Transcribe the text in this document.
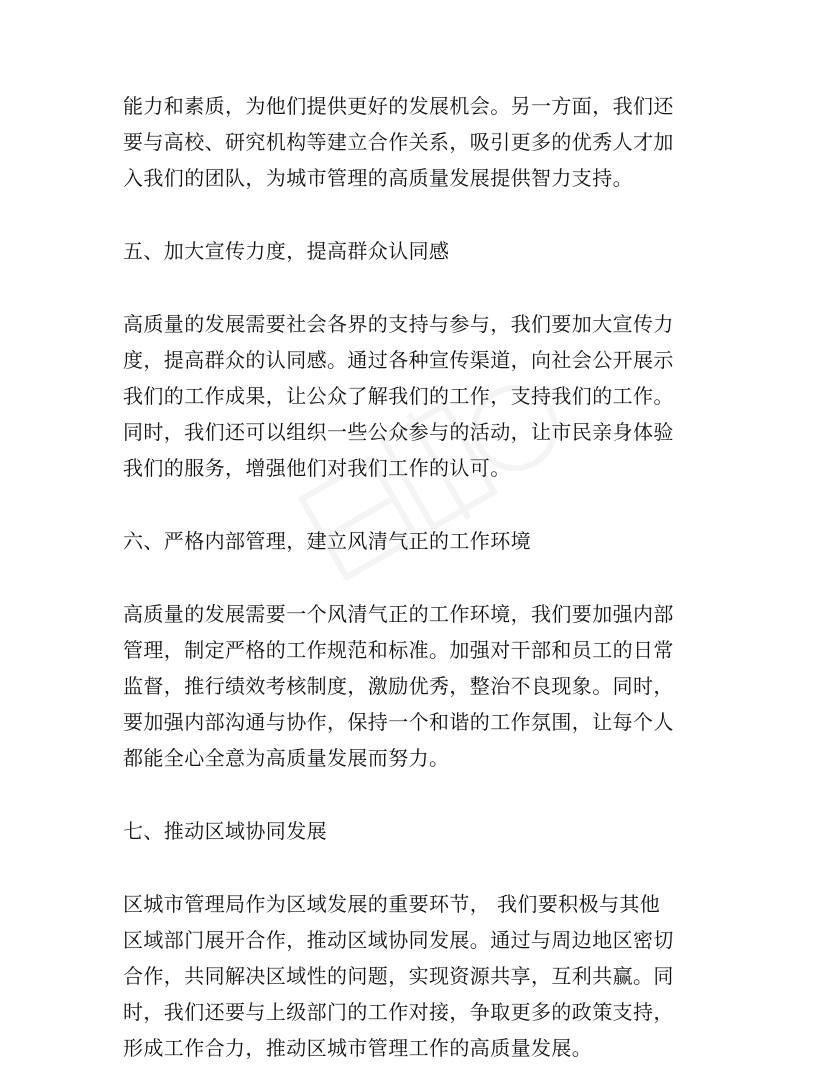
能力和素质，为他们提供更好的发展机会。另一方面，我们还
要与高校、研究机构等建立合作关系，吸引更多的优秀人才加
入我们的团队，为城市管理的高质量发展提供智力支持。

五、加大宣传力度，提高群众认同感

高质量的发展需要社会各界的支持与参与，我们要加大宣传力
度，提高群众的认同感。通过各种宣传渠道，向社会公开展示
我们的工作成果，让公众了解我们的工作，支持我们的工作。
同时，我们还可以组织一些公众参与的活动，让市民亲身体验
我们的服务，增强他们对我们工作的认可。

六、严格内部管理，建立风清气正的工作环境

高质量的发展需要一个风清气正的工作环境，我们要加强内部
管理，制定严格的工作规范和标准。加强对干部和员工的日常
监督，推行绩效考核制度，激励优秀，整治不良现象。同时，
要加强内部沟通与协作，保持一个和谐的工作氛围，让每个人
都能全心全意为高质量发展而努力。

七、推动区域协同发展

区城市管理局作为区域发展的重要环节， 我们要积极与其他
区域部门展开合作，推动区域协同发展。通过与周边地区密切
合作，共同解决区域性的问题，实现资源共享，互利共赢。同
时，我们还要与上级部门的工作对接，争取更多的政策支持，
形成工作合力，推动区城市管理工作的高质量发展。
